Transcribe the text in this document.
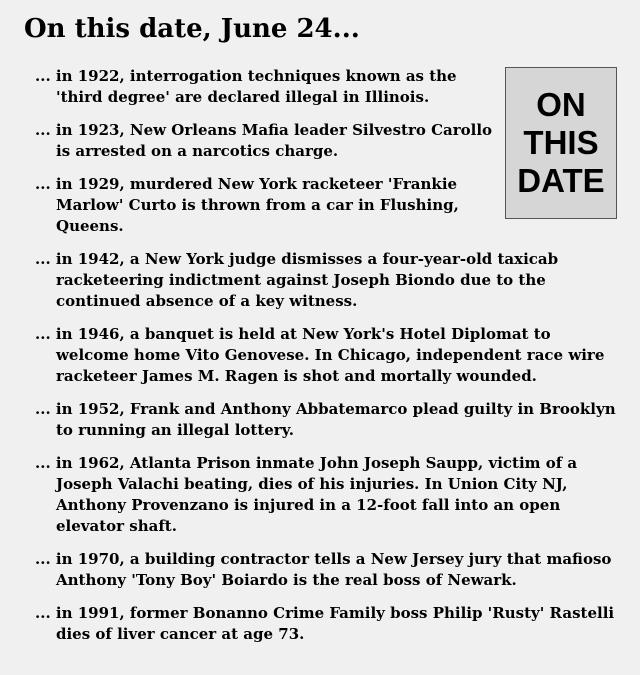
On this date, June 24...
ON
THIS
DATE
... in 1922, interrogation techniques known as the 'third degree' are declared illegal in Illinois.
... in 1923, New Orleans Mafia leader Silvestro Carollo is arrested on a narcotics charge.
... in 1929, murdered New York racketeer 'Frankie Marlow' Curto is thrown from a car in Flushing, Queens.
... in 1942, a New York judge dismisses a four-year-old taxicab racketeering indictment against Joseph Biondo due to the continued absence of a key witness.
... in 1946, a banquet is held at New York's Hotel Diplomat to welcome home Vito Genovese. In Chicago, independent race wire racketeer James M. Ragen is shot and mortally wounded.
... in 1952, Frank and Anthony Abbatemarco plead guilty in Brooklyn to running an illegal lottery.
... in 1962, Atlanta Prison inmate John Joseph Saupp, victim of a Joseph Valachi beating, dies of his injuries. In Union City NJ, Anthony Provenzano is injured in a 12-foot fall into an open elevator shaft.
... in 1970, a building contractor tells a New Jersey jury that mafioso Anthony 'Tony Boy' Boiardo is the real boss of Newark.
... in 1991, former Bonanno Crime Family boss Philip 'Rusty' Rastelli dies of liver cancer at age 73.
